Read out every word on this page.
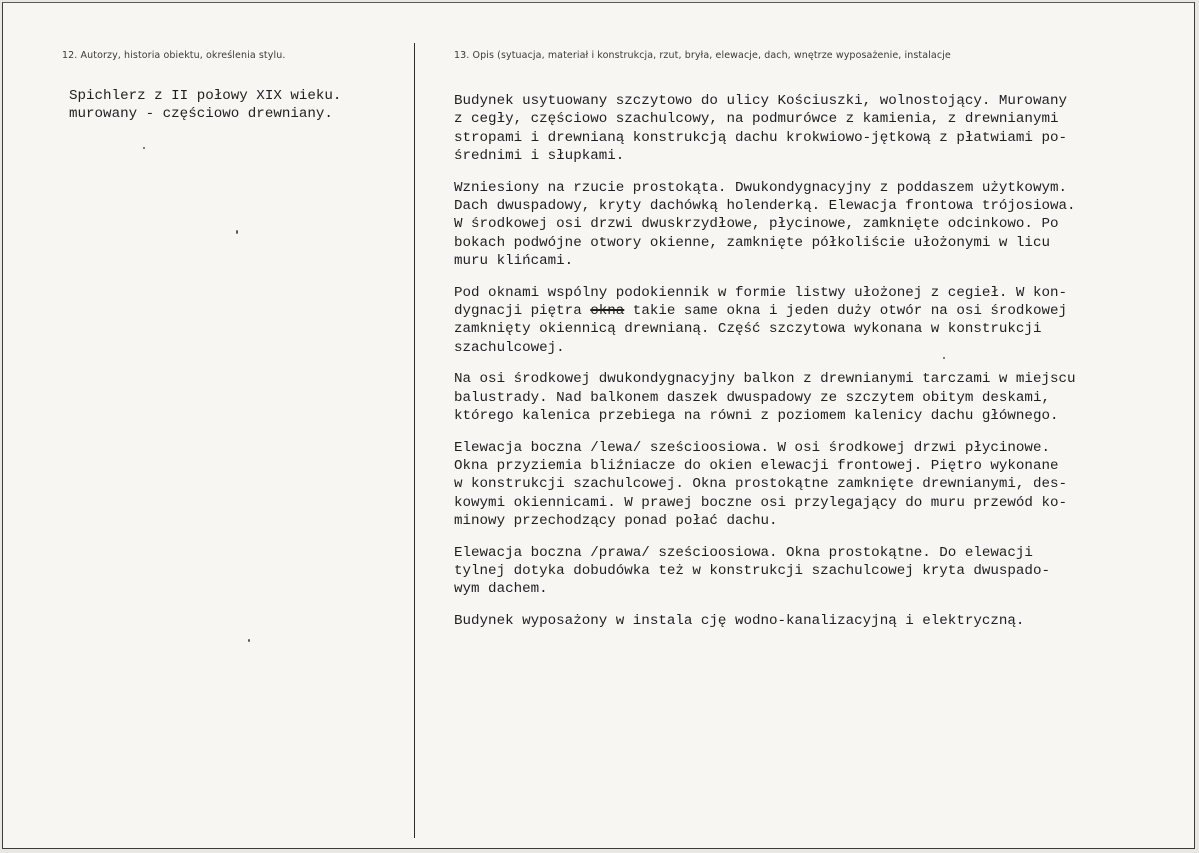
12. Autorzy, historia obiektu, określenia stylu.	13. Opis (sytuacja, materiał i konstrukcja, rzut, bryła, elewacje, dach, wnętrze wyposażenie, instalacje
Spichlerz z II połowy XIX wieku.
murowany - częściowo drewniany.
Budynek usytuowany szczytowo do ulicy Kościuszki, wolnostojący. Murowany
z cegły, częściowo szachulcowy, na podmurówce z kamienia, z drewnianymi
stropami i drewnianą konstrukcją dachu krokwiowo-jętkową z płatwiami po-
średnimi i słupkami.
Wzniesiony na rzucie prostokąta. Dwukondygnacyjny z poddaszem użytkowym.
Dach dwuspadowy, kryty dachówką holenderką. Elewacja frontowa trójosiowa.
W środkowej osi drzwi dwuskrzydłowe, płycinowe, zamknięte odcinkowo. Po
bokach podwójne otwory okienne, zamknięte półkoliście ułożonymi w licu
muru klińcami.
Pod oknami wspólny podokiennik w formie listwy ułożonej z cegieł. W kon-
dygnacji piętra okna takie same okna i jeden duży otwór na osi środkowej
zamknięty okiennicą drewnianą. Część szczytowa wykonana w konstrukcji
szachulcowej.
Na osi środkowej dwukondygnacyjny balkon z drewnianymi tarczami w miejscu
balustrady. Nad balkonem daszek dwuspadowy ze szczytem obitym deskami,
którego kalenica przebiega na równi z poziomem kalenicy dachu głównego.
Elewacja boczna /lewa/ sześcioosiowa. W osi środkowej drzwi płycinowe.
Okna przyziemia bliźniacze do okien elewacji frontowej. Piętro wykonane
w konstrukcji szachulcowej. Okna prostokątne zamknięte drewnianymi, des-
kowymi okiennicami. W prawej boczne osi przylegający do muru przewód ko-
minowy przechodzący ponad połać dachu.
Elewacja boczna /prawa/ sześcioosiowa. Okna prostokątne. Do elewacji
tylnej dotyka dobudówka też w konstrukcji szachulcowej kryta dwuspado-
wym dachem.
Budynek wyposażony w instala cję wodno-kanalizacyjną i elektryczną.
